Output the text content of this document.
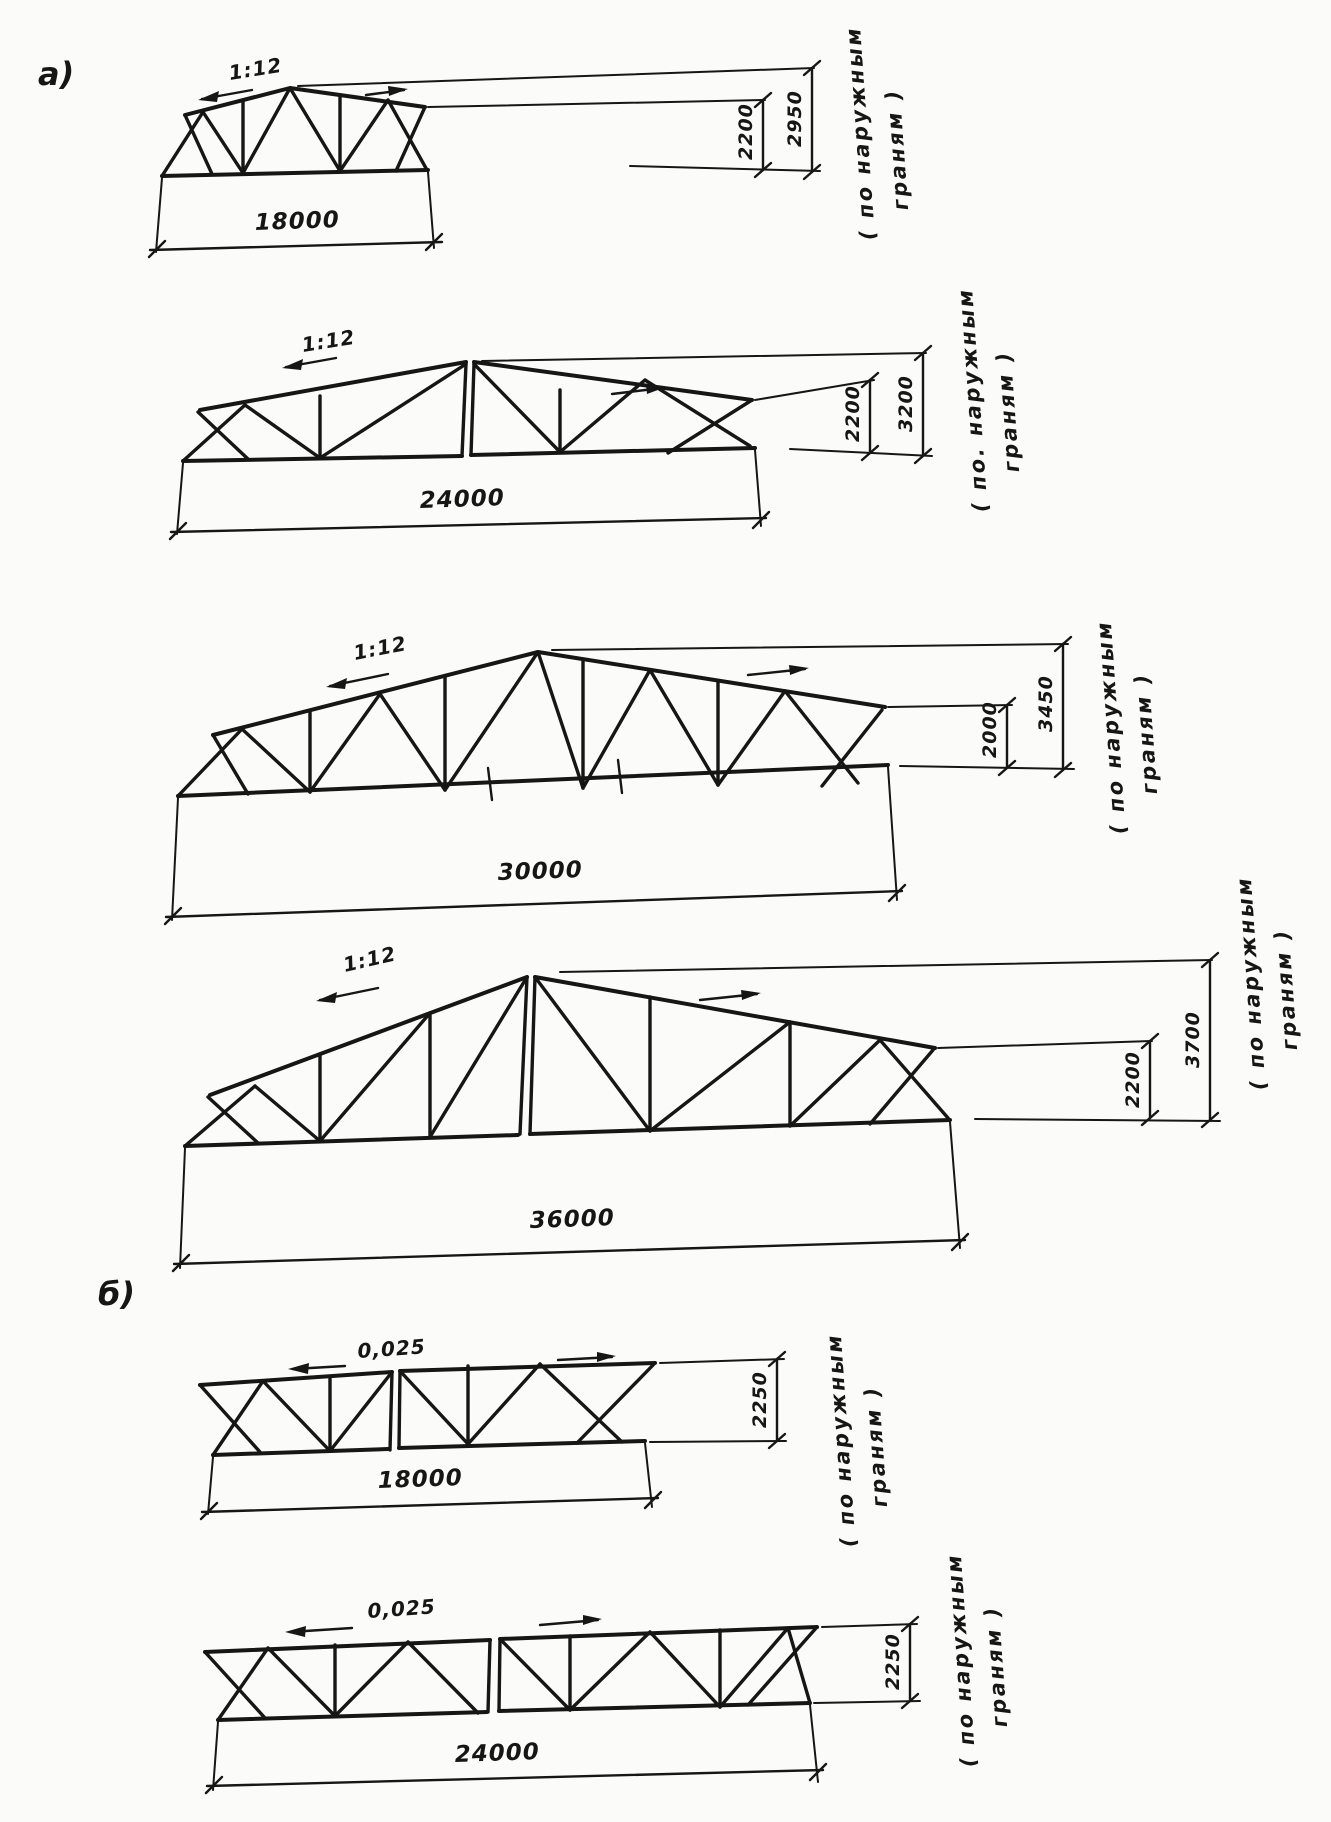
а)
б)
1:12
18000
2200 2950 ( по наружным граням )
1:12
24000
2200 3200 ( по. наружным граням )
1:12
30000
2000 3450 ( по наружным граням )
1:12
36000
2200
3700 ( по наружным граням )
0,025
18000
2250 ( по наружным граням )
0,025
24000
2250 ( по наружным граням )
